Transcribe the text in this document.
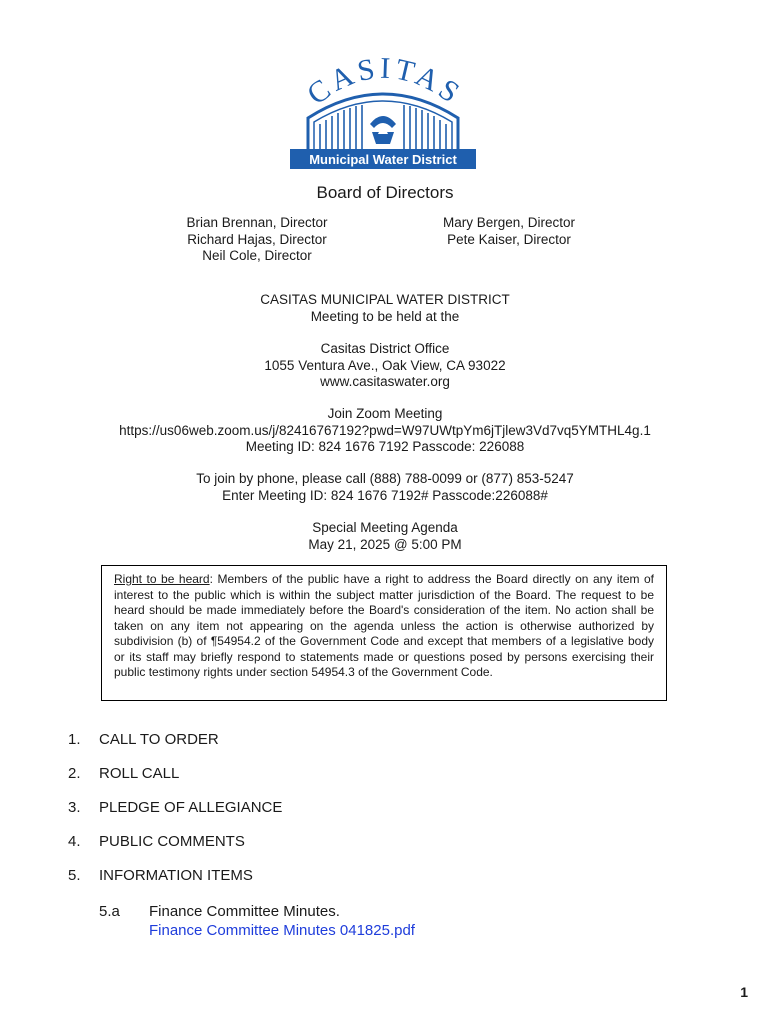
CASITAS
Municipal Water District
Board of Directors
Brian Brennan, Director
Richard Hajas, Director
Neil Cole, Director
Mary Bergen, Director
Pete Kaiser, Director
CASITAS MUNICIPAL WATER DISTRICT
Meeting to be held at the
Casitas District Office
1055 Ventura Ave., Oak View, CA 93022
www.casitaswater.org
Join Zoom Meeting
https://us06web.zoom.us/j/82416767192?pwd=W97UWtpYm6jTjlew3Vd7vq5YMTHL4g.1
Meeting ID: 824 1676 7192 Passcode: 226088
To join by phone, please call (888) 788-0099 or (877) 853-5247
Enter Meeting ID: 824 1676 7192# Passcode:226088#
Special Meeting Agenda
May 21, 2025 @ 5:00 PM
Right to be heard: Members of the public have a right to address the Board directly on any item of interest to the public which is within the subject matter jurisdiction of the Board. The request to be heard should be made immediately before the Board's consideration of the item. No action shall be taken on any item not appearing on the agenda unless the action is otherwise authorized by subdivision (b) of ¶54954.2 of the Government Code and except that members of a legislative body or its staff may briefly respond to statements made or questions posed by persons exercising their public testimony rights under section 54954.3 of the Government Code.
1. CALL TO ORDER
2. ROLL CALL
3. PLEDGE OF ALLEGIANCE
4. PUBLIC COMMENTS
5. INFORMATION ITEMS
5.a Finance Committee Minutes.
Finance Committee Minutes 041825.pdf
1
